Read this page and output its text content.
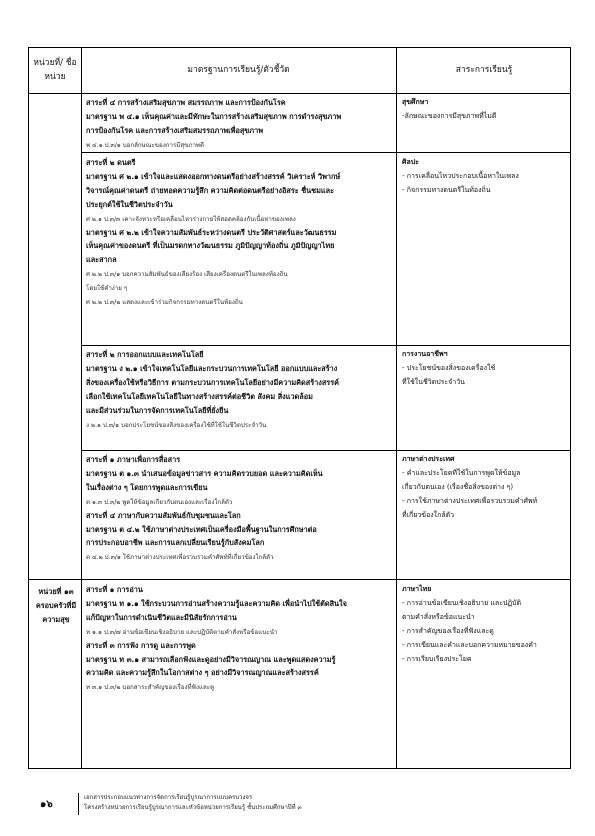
หน่วยที่/ ชื่อหน่วย
มาตรฐานการเรียนรู้/ตัวชี้วัด	สาระการเรียนรู้
หน่วยที่ ๑๓ ครอบครัวที่มีความสุข
สาระที่ ๔ การสร้างเสริมสุขภาพ สมรรถภาพ และการป้องกันโรค
มาตรฐาน พ ๔.๑ เห็นคุณค่าและมีทักษะในการสร้างเสริมสุขภาพ การดำรงสุขภาพ
การป้องกันโรค และการสร้างเสริมสมรรถภาพเพื่อสุขภาพ
พ ๔.๑ ป.๓/๑ บอกลักษณะของการมีสุขภาพดี
สุขศึกษา
-ลักษณะของการมีสุขภาพที่ไม่ดี
สาระที่ ๒ ดนตรี
มาตรฐาน ศ ๒.๑ เข้าใจและแสดงออกทางดนตรีอย่างสร้างสรรค์ วิเคราะห์ วิพากษ์
วิจารณ์คุณค่าดนตรี ถ่ายทอดความรู้สึก ความคิดต่อดนตรีอย่างอิสระ ชื่นชมและ
ประยุกต์ใช้ในชีวิตประจำวัน
ศ ๒.๑ ป.๓/๓ เคาะจังหวะหรือเคลื่อนไหวร่างกายให้สอดคล้องกับเนื้อหาของเพลง
มาตรฐาน ศ ๒.๒ เข้าใจความสัมพันธ์ระหว่างดนตรี ประวัติศาสตร์และวัฒนธรรม
เห็นคุณค่าของดนตรี ที่เป็นมรดกทางวัฒนธรรม ภูมิปัญญาท้องถิ่น ภูมิปัญญาไทย
และสากล
ศ ๒.๒ ป.๓/๑ บอกความสัมพันธ์ของเสียงร้อง เสียงเครื่องดนตรีในเพลงท้องถิ่น
โดยใช้คำง่าย ๆ
ศ ๒.๒ ป.๓/๒ แสดงและเข้าร่วมกิจกรรมทางดนตรีในท้องถิ่น
ศิลปะ
- การเคลื่อนไหวประกอบเนื้อหาในเพลง
- กิจกรรมทางดนตรีในท้องถิ่น
สาระที่ ๒ การออกแบบและเทคโนโลยี
มาตรฐาน ง ๒.๑ เข้าใจเทคโนโลยีและกระบวนการเทคโนโลยี ออกแบบและสร้าง
สิ่งของเครื่องใช้หรือวิธีการ ตามกระบวนการเทคโนโลยีอย่างมีความคิดสร้างสรรค์
เลือกใช้เทคโนโลยีเทคโนโลยีในทางสร้างสรรค์ต่อชีวิต สังคม สิ่งแวดล้อม
และมีส่วนร่วมในการจัดการเทคโนโลยีที่ยั่งยืน
ง ๒.๑ ป.๓/๑ บอกประโยชน์ของสิ่งของเครื่องใช้ที่ใช้ในชีวิตประจำวัน
การงานอาชีพฯ
- ประโยชน์ของสิ่งของเครื่องใช้
ที่ใช้ในชีวิตประจำวัน
สาระที่ ๑ ภาษาเพื่อการสื่อสาร
มาตรฐาน ต ๑.๓ นำเสนอข้อมูลข่าวสาร ความคิดรวบยอด และความคิดเห็น
ในเรื่องต่าง ๆ โดยการพูดและการเขียน
ต ๑.๓ ป.๓/๒ พูดให้ข้อมูลเกี่ยวกับตนเองและเรื่องใกล้ตัว
สาระที่ ๔ ภาษากับความสัมพันธ์กับชุมชนและโลก
มาตรฐาน ต ๔.๒ ใช้ภาษาต่างประเทศเป็นเครื่องมือพื้นฐานในการศึกษาต่อ
การประกอบอาชีพ และการแลกเปลี่ยนเรียนรู้กับสังคมโลก
ต ๔.๒ ป.๓/๑ ใช้ภาษาต่างประเทศเพื่อรวบรวมคำศัพท์ที่เกี่ยวข้องใกล้ตัว
ภาษาต่างประเทศ
- คำและประโยคที่ใช้ในการพูดให้ข้อมูล
เกี่ยวกับตนเอง (เรื่องชื่อสิ่งของต่าง ๆ)
- การใช้ภาษาต่างประเทศเพื่อรวบรวมคำศัพท์
ที่เกี่ยวข้องใกล้ตัว
สาระที่ ๑ การอ่าน
มาตรฐาน ท ๑.๑ ใช้กระบวนการอ่านสร้างความรู้และความคิด เพื่อนำไปใช้ตัดสินใจ
แก้ปัญหาในการดำเนินชีวิตและมีนิสัยรักการอ่าน
ท ๑.๑ ป.๓/๗ อ่านข้อเขียนเชิงอธิบาย และปฏิบัติตามคำสั่งหรือข้อแนะนำ
สาระที่ ๓ การฟัง การดู และการพูด
มาตรฐาน ท ๓.๑ สามารถเลือกฟังและดูอย่างมีวิจารณญาณ และพูดแสดงความรู้
ความคิด และความรู้สึกในโอกาสต่าง ๆ อย่างมีวิจารณญาณและสร้างสรรค์
ท ๓.๑ ป.๓/๒ บอกสาระสำคัญของเรื่องที่ฟังและดู
ภาษาไทย
- การอ่านข้อเขียนเชิงอธิบาย และปฏิบัติ
ตามคำสั่งหรือข้อแนะนำ
- การสำคัญของเรื่องที่ฟังและดู
- การเขียนและคำและบอกความหมายของคำ
- การเรียบเรียงประโยค
๑๖
เอกสารประกอบแนวทางการจัดการเรียนรู้บูรณาการแบบครบวงจร
โครงสร้างหน่วยการเรียนรู้บูรณาการและหัวข้อหน่วยการเรียนรู้ ชั้นประถมศึกษาปีที่ ๓
